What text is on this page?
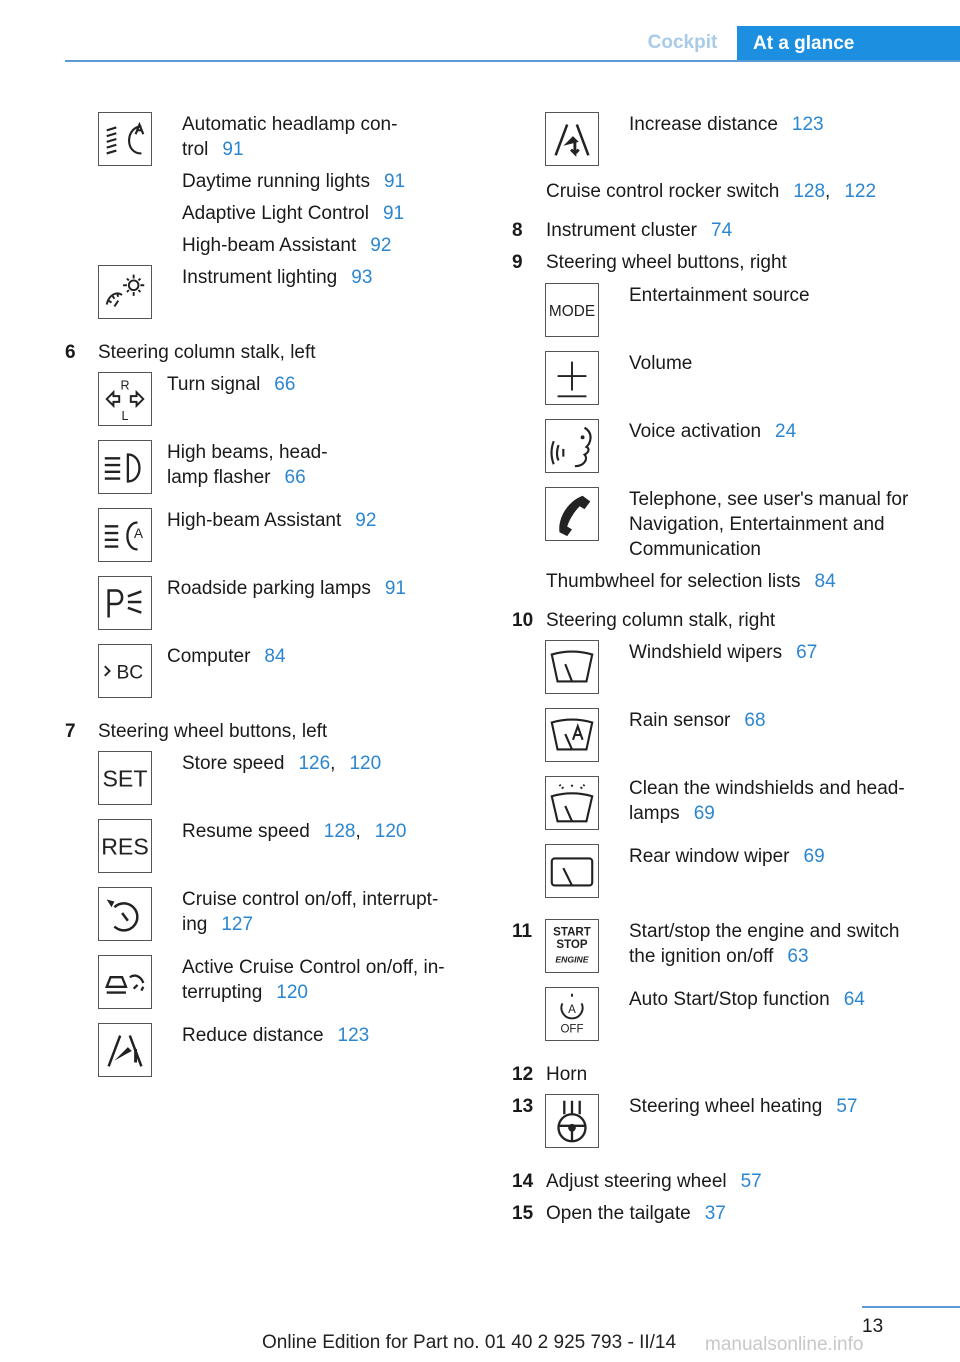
Cockpit	At a glance
Automatic headlamp con-
trol 91
Daytime running lights 91
Adaptive Light Control 91
High-beam Assistant 92
Instrument lighting 93
6 Steering column stalk, left
R
L
Turn signal 66
High beams, head-
lamp flasher 66
A
High-beam Assistant 92
Roadside parking lamps 91
BC
Computer 84
7 Steering wheel buttons, left
SET
Store speed 126, 120
RES
Resume speed 128, 120
Cruise control on/off, interrupt-
ing 127
Active Cruise Control on/off, in-
terrupting 120
Reduce distance 123
Increase distance 123
Cruise control rocker switch 128, 122
8 Instrument cluster 74
9 Steering wheel buttons, right
MODE
Entertainment source
Volume
Voice activation 24
Telephone, see user's manual for
Navigation, Entertainment and
Communication
Thumbwheel for selection lists 84
10 Steering column stalk, right
Windshield wipers 67
Rain sensor 68
Clean the windshields and head-
lamps 69
Rear window wiper 69
11 START
STOP
ENGINE
Start/stop the engine and switch
the ignition on/off 63
A
OFF
Auto Start/Stop function 64
12 Horn
13	Steering wheel heating 57
14 Adjust steering wheel 57
15 Open the tailgate 37
13
Online Edition for Part no. 01 40 2 925 793 - II/14 manualsonline.info
